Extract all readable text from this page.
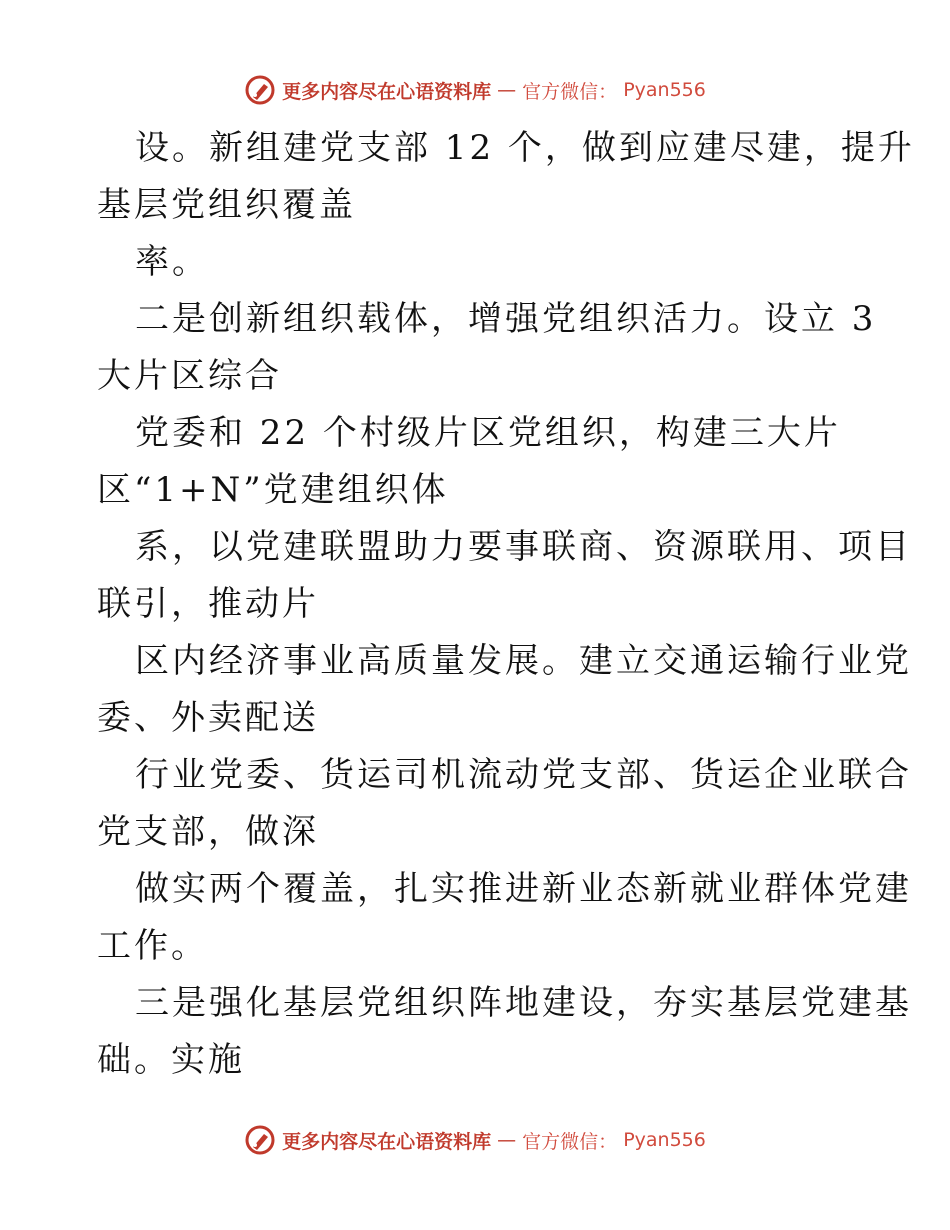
更多内容尽在心语资料库 — 官方微信： Pyan556
设。新组建党支部 12 个，做到应建尽建，提升
基层党组织覆盖
率。
二是创新组织载体，增强党组织活力。设立 3
大片区综合
党委和 22 个村级片区党组织，构建三大片
区“1+N”党建组织体
系，以党建联盟助力要事联商、资源联用、项目
联引，推动片
区内经济事业高质量发展。建立交通运输行业党
委、外卖配送
行业党委、货运司机流动党支部、货运企业联合
党支部，做深
做实两个覆盖，扎实推进新业态新就业群体党建
工作。
三是强化基层党组织阵地建设，夯实基层党建基
础。实施
更多内容尽在心语资料库 — 官方微信： Pyan556
